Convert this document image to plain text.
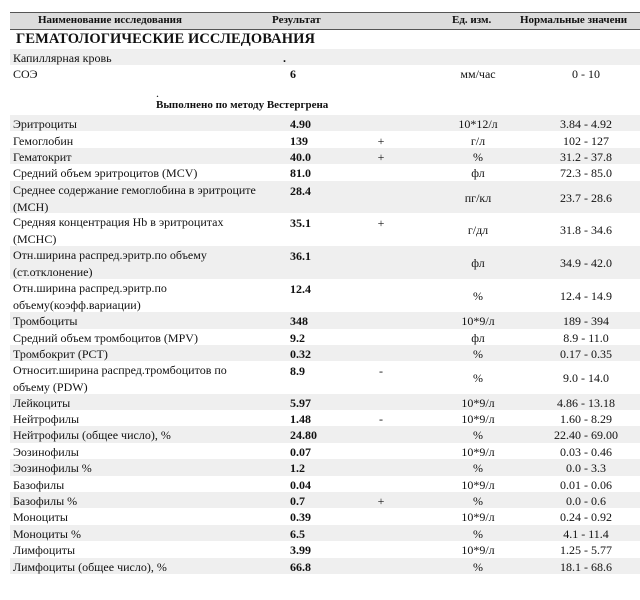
Наименование исследования	Результат	Ед. изм.	Нормальные значени
ГЕМАТОЛОГИЧЕСКИЕ ИССЛЕДОВАНИЯ
Капиллярная кровь	.
СОЭ	6	мм/час	0 - 10
.
Выполнено по методу Вестергрена
Эритроциты	4.90	10*12/л	3.84 - 4.92
Гемоглобин	139	+	г/л	102 - 127
Гематокрит	40.0	+	%	31.2 - 37.8
Средний объем эритроцитов (MCV)	81.0	фл	72.3 - 85.0
Среднее содержание гемоглобина в эритроците (MCH)
28.4	пг/кл	23.7 - 28.6
Средняя концентрация Hb в эритроцитах (MCHC)
35.1	+	г/дл	31.8 - 34.6
Отн.ширина распред.эритр.по объему (ст.отклонение)
36.1	фл	34.9 - 42.0
Отн.ширина распред.эритр.по объему(коэфф.вариации)
12.4	%	12.4 - 14.9
Тромбоциты	348	10*9/л	189 - 394
Средний объем тромбоцитов (MPV)	9.2	фл	8.9 - 11.0
Тромбокрит (PCT)	0.32	%	0.17 - 0.35
Относит.ширина распред.тромбоцитов по объему (PDW)
8.9	-	%	9.0 - 14.0
Лейкоциты	5.97	10*9/л	4.86 - 13.18
Нейтрофилы	1.48	-	10*9/л	1.60 - 8.29
Нейтрофилы (общее число), %	24.80	%	22.40 - 69.00
Эозинофилы	0.07	10*9/л	0.03 - 0.46
Эозинофилы %	1.2	%	0.0 - 3.3
Базофилы	0.04	10*9/л	0.01 - 0.06
Базофилы %	0.7	+	%	0.0 - 0.6
Моноциты	0.39	10*9/л	0.24 - 0.92
Моноциты %	6.5	%	4.1 - 11.4
Лимфоциты	3.99	10*9/л	1.25 - 5.77
Лимфоциты (общее число), %	66.8	%	18.1 - 68.6
